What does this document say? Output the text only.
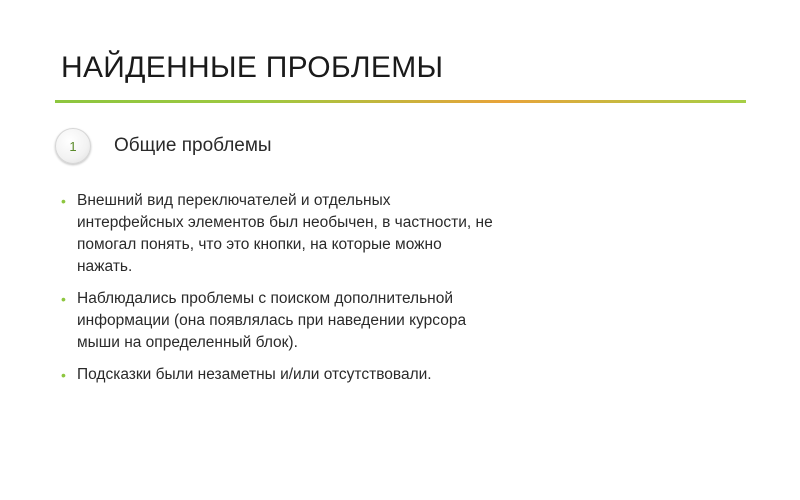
НАЙДЕННЫЕ ПРОБЛЕМЫ
1	Общие проблемы
• Внешний вид переключателей и отдельных интерфейсных элементов был необычен, в частности, не помогал понять, что это кнопки, на которые можно нажать.
• Наблюдались проблемы с поиском дополнительной информации (она появлялась при наведении курсора мыши на определенный блок).
• Подсказки были незаметны и/или отсутствовали.
